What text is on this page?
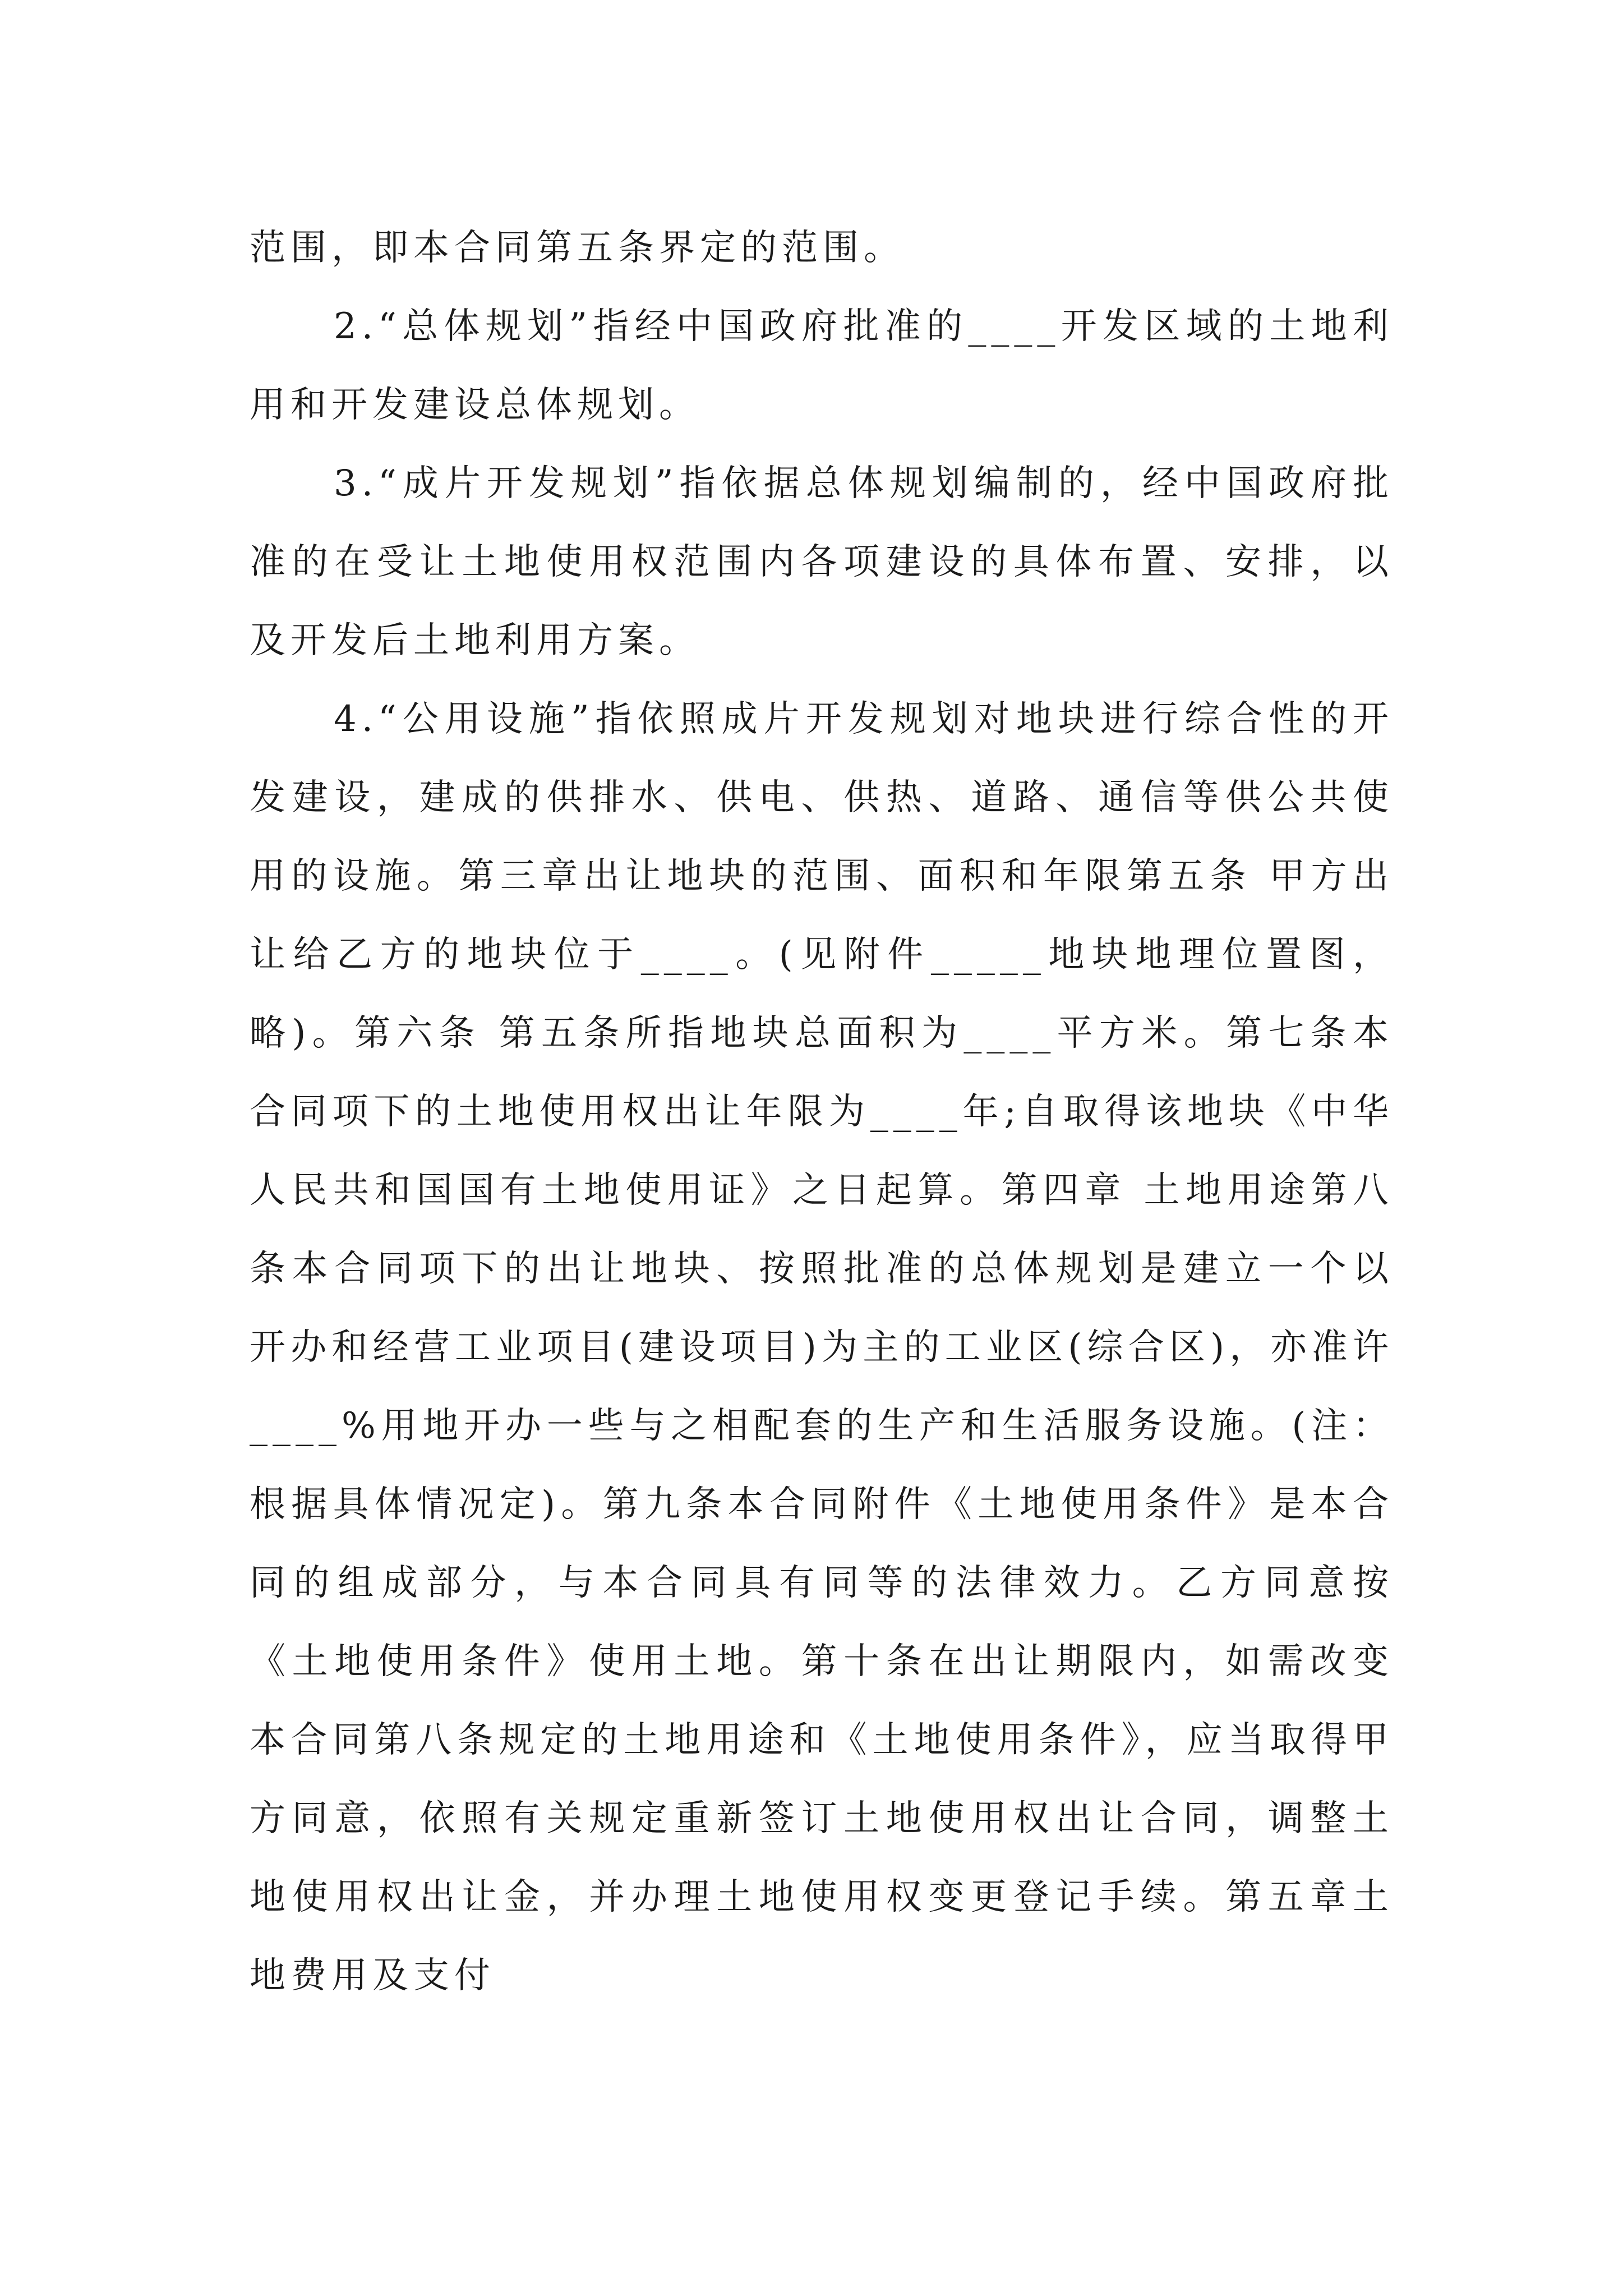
范围，即本合同第五条界定的范围。

2.“总体规划”指经中国政府批准的____开发区域的土地利用和开发建设总体规划。

3.“成片开发规划”指依据总体规划编制的，经中国政府批准的在受让土地使用权范围内各项建设的具体布置、安排，以及开发后土地利用方案。

4.“公用设施”指依照成片开发规划对地块进行综合性的开发建设，建成的供排水、供电、供热、道路、通信等供公共使用的设施。第三章出让地块的范围、面积和年限第五条 甲方出让给乙方的地块位于____。(见附件_____地块地理位置图，略)。第六条 第五条所指地块总面积为____平方米。第七条本合同项下的土地使用权出让年限为____年;自取得该地块《中华人民共和国国有土地使用证》之日起算。第四章 土地用途第八条本合同项下的出让地块、按照批准的总体规划是建立一个以开办和经营工业项目(建设项目)为主的工业区(综合区)，亦准许____%用地开办一些与之相配套的生产和生活服务设施。(注：根据具体情况定)。第九条本合同附件《土地使用条件》是本合同的组成部分，与本合同具有同等的法律效力。乙方同意按《土地使用条件》使用土地。第十条在出让期限内，如需改变本合同第八条规定的土地用途和《土地使用条件》，应当取得甲方同意，依照有关规定重新签订土地使用权出让合同，调整土地使用权出让金，并办理土地使用权变更登记手续。第五章土地费用及支付
